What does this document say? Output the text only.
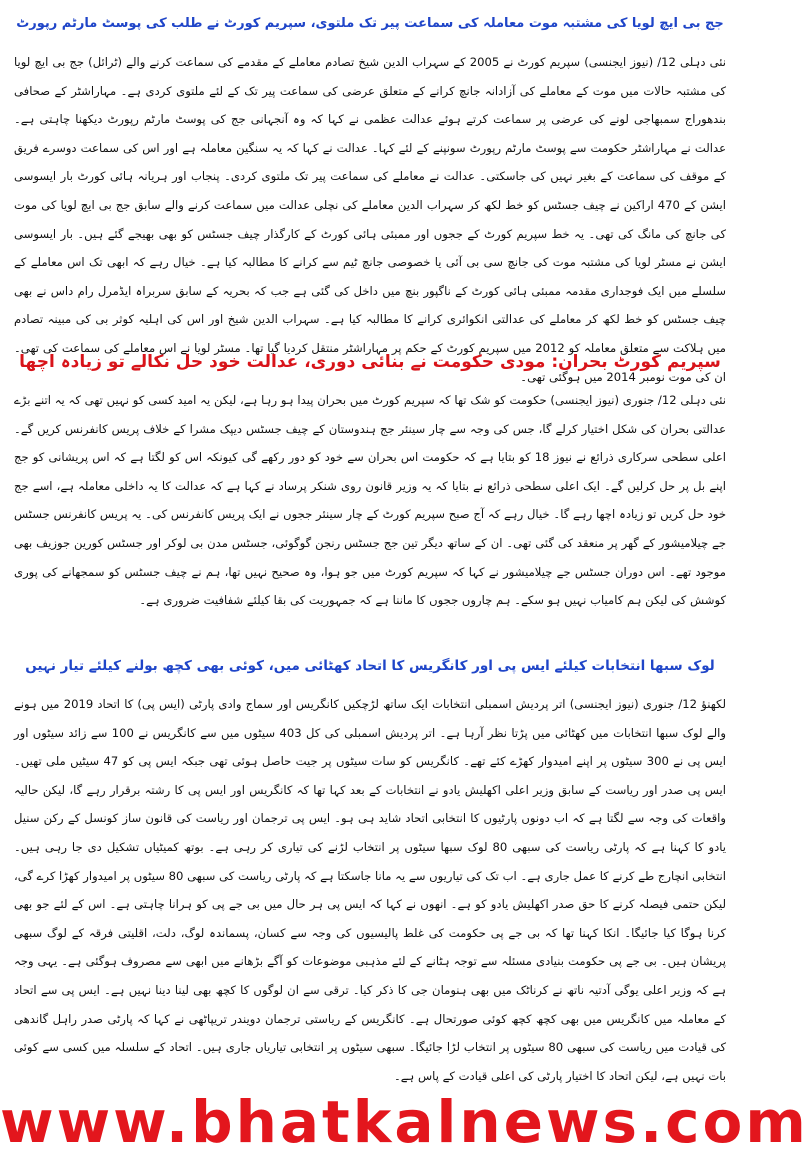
جج بی ایچ لویا کی مشتبہ موت معاملہ کی سماعت پیر تک ملتوی، سپریم کورٹ نے طلب کی پوسٹ مارٹم رپورٹ

نئی دہلی 12/ (نیوز ایجنسی) سپریم کورٹ نے 2005 کے سہراب الدین شیخ تصادم معاملے کے مقدمے کی سماعت کرنے والے (ٹرائل) جج بی ایچ لویا کی مشتبہ حالات میں موت کے معاملے کی آزادانہ جانچ کرانے کے متعلق عرضی کی سماعت پیر تک کے لئے ملتوی کردی ہے۔ مہاراشٹر کے صحافی بندھوراج سمبھاجی لونے کی عرضی پر سماعت کرتے ہوئے عدالت عظمی نے کہا کہ وہ آنجہانی جج کی پوسٹ مارٹم رپورٹ دیکھنا چاہتی ہے۔ عدالت نے مہاراشٹر حکومت سے پوسٹ مارٹم رپورٹ سونپنے کے لئے کہا۔ عدالت نے کہا کہ یہ سنگین معاملہ ہے اور اس کی سماعت دوسرے فریق کے موقف کی سماعت کے بغیر نہیں کی جاسکتی۔ عدالت نے معاملے کی سماعت پیر تک ملتوی کردی۔ پنجاب اور ہریانہ ہائی کورٹ بار ایسوسی ایشن کے 470 اراکین نے چیف جسٹس کو خط لکھ کر سہراب الدین معاملے کی نچلی عدالت میں سماعت کرنے والے سابق جج بی ایچ لویا کی موت کی جانچ کی مانگ کی تھی۔ یہ خط سپریم کورٹ کے ججوں اور ممبئی ہائی کورٹ کے کارگذار چیف جسٹس کو بھی بھیجے گئے ہیں۔ بار ایسوسی ایشن نے مسٹر لویا کی مشتبہ موت کی جانچ سی بی آئی یا خصوصی جانچ ٹیم سے کرانے کا مطالبہ کیا ہے۔ خیال رہے کہ ابھی تک اس معاملے کے سلسلے میں ایک فوجداری مقدمہ ممبئی ہائی کورٹ کے ناگپور بنچ میں داخل کی گئی ہے جب کہ بحریہ کے سابق سربراہ ایڈمرل رام داس نے بھی چیف جسٹس کو خط لکھ کر معاملے کی عدالتی انکوائری کرانے کا مطالبہ کیا ہے۔ سہراب الدین شیخ اور اس کی اہلیہ کوثر بی کی مبینہ تصادم میں ہلاکت سے متعلق معاملہ کو 2012 میں سپریم کورٹ کے حکم پر مہاراشٹر منتقل کردیا گیا تھا۔ مسٹر لویا نے اس معاملے کی سماعت کی تھی۔ ان کی موت نومبر 2014 میں ہوگئی تھی۔

سپریم کورٹ بحران: مودی حکومت نے بنائی دوری، عدالت خود حل نکالے تو زیادہ اچھا

نئی دہلی 12/ جنوری (نیوز ایجنسی) حکومت کو شک تھا کہ سپریم کورٹ میں بحران پیدا ہو رہا ہے، لیکن یہ امید کسی کو نہیں تھی کہ یہ اتنے بڑے عدالتی بحران کی شکل اختیار کرلے گا، جس کی وجہ سے چار سینئر جج ہندوستان کے چیف جسٹس دیپک مشرا کے خلاف پریس کانفرنس کریں گے۔ اعلی سطحی سرکاری ذرائع نے نیوز 18 کو بتایا ہے کہ حکومت اس بحران سے خود کو دور رکھے گی کیونکہ اس کو لگتا ہے کہ اس پریشانی کو جج اپنے بل پر حل کرلیں گے۔ ایک اعلی سطحی ذرائع نے بتایا کہ یہ وزیر قانون روی شنکر پرساد نے کہا ہے کہ عدالت کا یہ داخلی معاملہ ہے، اسے جج خود حل کریں تو زیادہ اچھا رہے گا۔ خیال رہے کہ آج صبح سپریم کورٹ کے چار سینئر ججوں نے ایک پریس کانفرنس کی۔ یہ پریس کانفرنس جسٹس جے چیلامیشور کے گھر پر منعقد کی گئی تھی۔ ان کے ساتھ دیگر تین جج جسٹس رنجن گوگوئی، جسٹس مدن بی لوکر اور جسٹس کورین جوزیف بھی موجود تھے۔ اس دوران جسٹس جے چیلامیشور نے کہا کہ سپریم کورٹ میں جو ہوا، وہ صحیح نہیں تھا، ہم نے چیف جسٹس کو سمجھانے کی پوری کوشش کی لیکن ہم کامیاب نہیں ہو سکے۔ ہم چاروں ججوں کا ماننا ہے کہ جمہوریت کی بقا کیلئے شفافیت ضروری ہے۔

لوک سبھا انتخابات کیلئے ایس پی اور کانگریس کا اتحاد کھٹائی میں، کوئی بھی کچھ بولنے کیلئے تیار نہیں

لکھنؤ 12/ جنوری (نیوز ایجنسی) اتر پردیش اسمبلی انتخابات ایک ساتھ لڑچکیں کانگریس اور سماج وادی پارٹی (ایس پی) کا اتحاد 2019 میں ہونے والے لوک سبھا انتخابات میں کھٹائی میں پڑتا نظر آرہا ہے۔ اتر پردیش اسمبلی کی کل 403 سیٹوں میں سے کانگریس نے 100 سے زائد سیٹوں اور ایس پی نے 300 سیٹوں پر اپنے امیدوار کھڑے کئے تھے۔ کانگریس کو سات سیٹوں پر جیت حاصل ہوئی تھی جبکہ ایس پی کو 47 سیٹیں ملی تھیں۔ ایس پی صدر اور ریاست کے سابق وزیر اعلی اکھلیش یادو نے انتخابات کے بعد کہا تھا کہ کانگریس اور ایس پی کا رشتہ برقرار رہے گا، لیکن حالیہ واقعات کی وجہ سے لگتا ہے کہ اب دونوں پارٹیوں کا انتخابی اتحاد شاید ہی ہو۔ ایس پی ترجمان اور ریاست کی قانون ساز کونسل کے رکن سنیل یادو کا کہنا ہے کہ پارٹی ریاست کی سبھی 80 لوک سبھا سیٹوں پر انتخاب لڑنے کی تیاری کر رہی ہے۔ بوتھ کمیٹیاں تشکیل دی جا رہی ہیں۔ انتخابی انچارج طے کرنے کا عمل جاری ہے۔ اب تک کی تیاریوں سے یہ مانا جاسکتا ہے کہ پارٹی ریاست کی سبھی 80 سیٹوں پر امیدوار کھڑا کرے گی، لیکن حتمی فیصلہ کرنے کا حق صدر اکھلیش یادو کو ہے۔ انھوں نے کہا کہ ایس پی ہر حال میں بی جے پی کو ہرانا چاہتی ہے۔ اس کے لئے جو بھی کرنا ہوگا کیا جائیگا۔ انکا کہنا تھا کہ بی جے پی حکومت کی غلط پالیسیوں کی وجہ سے کسان، پسماندہ لوگ، دلت، اقلیتی فرقہ کے لوگ سبھی پریشان ہیں۔ بی جے پی حکومت بنیادی مسئلہ سے توجہ ہٹانے کے لئے مذہبی موضوعات کو آگے بڑھانے میں ابھی سے مصروف ہوگئی ہے۔ یہی وجہ ہے کہ وزیر اعلی یوگی آدتیہ ناتھ نے کرناٹک میں بھی ہنومان جی کا ذکر کیا۔ ترقی سے ان لوگوں کا کچھ بھی لینا دینا نہیں ہے۔ ایس پی سے اتحاد کے معاملہ میں کانگریس میں بھی کچھ کچھ کوئی صورتحال ہے۔ کانگریس کے ریاستی ترجمان دویندر تریپاٹھی نے کہا کہ پارٹی صدر راہل گاندھی کی قیادت میں ریاست کی سبھی 80 سیٹوں پر انتخاب لڑا جائیگا۔ سبھی سیٹوں پر انتخابی تیاریاں جاری ہیں۔ اتحاد کے سلسلہ میں کسی سے کوئی بات نہیں ہے، لیکن اتحاد کا اختیار پارٹی کی اعلی قیادت کے پاس ہے۔

www.bhatkalnews.com
